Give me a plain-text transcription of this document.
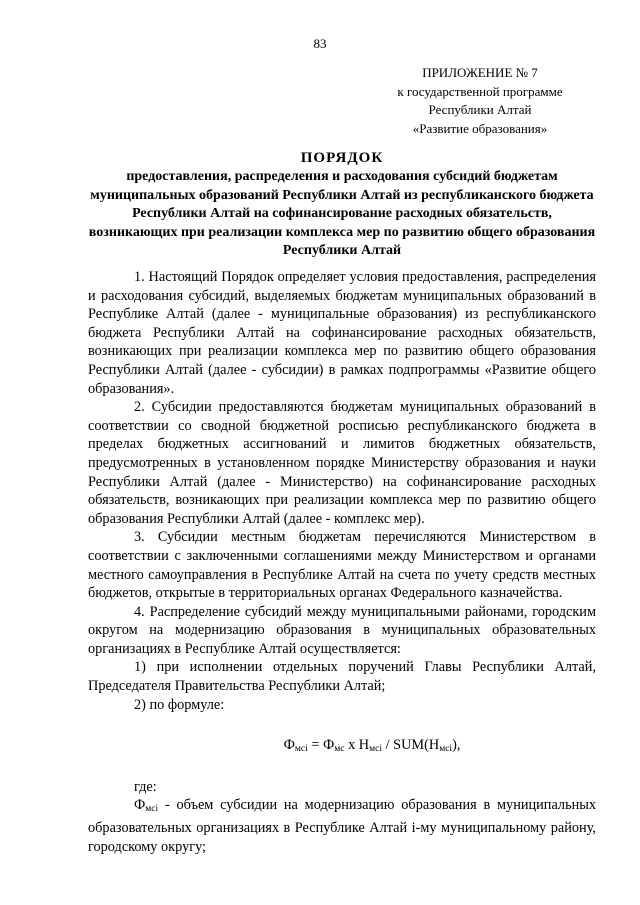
83
ПРИЛОЖЕНИЕ № 7
к государственной программе
Республики Алтай
«Развитие образования»
ПОРЯДОК
предоставления, распределения и расходования субсидий бюджетам муниципальных образований Республики Алтай из республиканского бюджета Республики Алтай на софинансирование расходных обязательств, возникающих при реализации комплекса мер по развитию общего образования Республики Алтай

1. Настоящий Порядок определяет условия предоставления, распределения и расходования субсидий, выделяемых бюджетам муниципальных образований в Республике Алтай (далее - муниципальные образования) из республиканского бюджета Республики Алтай на софинансирование расходных обязательств, возникающих при реализации комплекса мер по развитию общего образования Республики Алтай (далее - субсидии) в рамках подпрограммы «Развитие общего образования».

2. Субсидии предоставляются бюджетам муниципальных образований в соответствии со сводной бюджетной росписью республиканского бюджета в пределах бюджетных ассигнований и лимитов бюджетных обязательств, предусмотренных в установленном порядке Министерству образования и науки Республики Алтай (далее - Министерство) на софинансирование расходных обязательств, возникающих при реализации комплекса мер по развитию общего образования Республики Алтай (далее - комплекс мер).

3. Субсидии местным бюджетам перечисляются Министерством в соответствии с заключенными соглашениями между Министерством и органами местного самоуправления в Республике Алтай на счета по учету средств местных бюджетов, открытые в территориальных органах Федерального казначейства.

4. Распределение субсидий между муниципальными районами, городским округом на модернизацию образования в муниципальных образовательных организациях в Республике Алтай осуществляется:

1) при исполнении отдельных поручений Главы Республики Алтай, Председателя Правительства Республики Алтай;

2) по формуле:

$Ф_{мсi} = Ф_{мс}$ x $Н_{мсi} / SUM(Н_{мсi})$,

где:

$Ф_{мсi}$ - объем субсидии на модернизацию образования в муниципальных образовательных организациях в Республике Алтай i-му муниципальному району, городскому округу;
